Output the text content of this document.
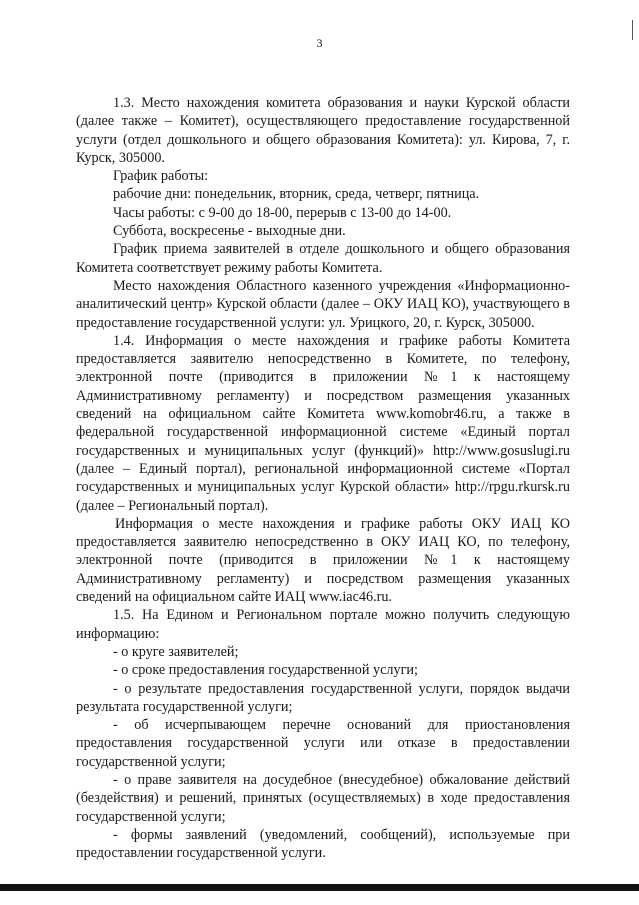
3

1.3. Место нахождения комитета образования и науки Курской области (далее также – Комитет), осуществляющего предоставление государственной услуги (отдел дошкольного и общего образования Комитета): ул. Кирова, 7, г. Курск, 305000.

График работы:

рабочие дни: понедельник, вторник, среда, четверг, пятница.

Часы работы: с 9-00 до 18-00, перерыв с 13-00 до 14-00.

Суббота, воскресенье - выходные дни.

График приема заявителей в отделе дошкольного и общего образования Комитета соответствует режиму работы Комитета.

Место нахождения Областного казенного учреждения «Информационно-аналитический центр» Курской области (далее – ОКУ ИАЦ КО), участвующего в предоставление государственной услуги: ул. Урицкого, 20, г. Курск, 305000.

1.4. Информация о месте нахождения и графике работы Комитета предоставляется заявителю непосредственно в Комитете, по телефону, электронной почте (приводится в приложении №1 к настоящему Административному регламенту) и посредством размещения указанных сведений на официальном сайте Комитета www.komobr46.ru, а также в федеральной государственной информационной системе «Единый портал государственных и муниципальных услуг (функций)» http://www.gosuslugi.ru (далее – Единый портал), региональной информационной системе «Портал государственных и муниципальных услуг Курской области» http://rpgu.rkursk.ru (далее – Региональный портал).

Информация о месте нахождения и графике работы ОКУ ИАЦ КО предоставляется заявителю непосредственно в ОКУ ИАЦ КО, по телефону, электронной почте (приводится в приложении №1 к настоящему Административному регламенту) и посредством размещения указанных сведений на официальном сайте ИАЦ www.iac46.ru.

1.5. На Едином и Региональном портале можно получить следующую информацию:

- о круге заявителей;

- о сроке предоставления государственной услуги;

- о результате предоставления государственной услуги, порядок выдачи результата государственной услуги;

- об исчерпывающем перечне оснований для приостановления предоставления государственной услуги или отказе в предоставлении государственной услуги;

- о праве заявителя на досудебное (внесудебное) обжалование действий (бездействия) и решений, принятых (осуществляемых) в ходе предоставления государственной услуги;

- формы заявлений (уведомлений, сообщений), используемые при предоставлении государственной услуги.
